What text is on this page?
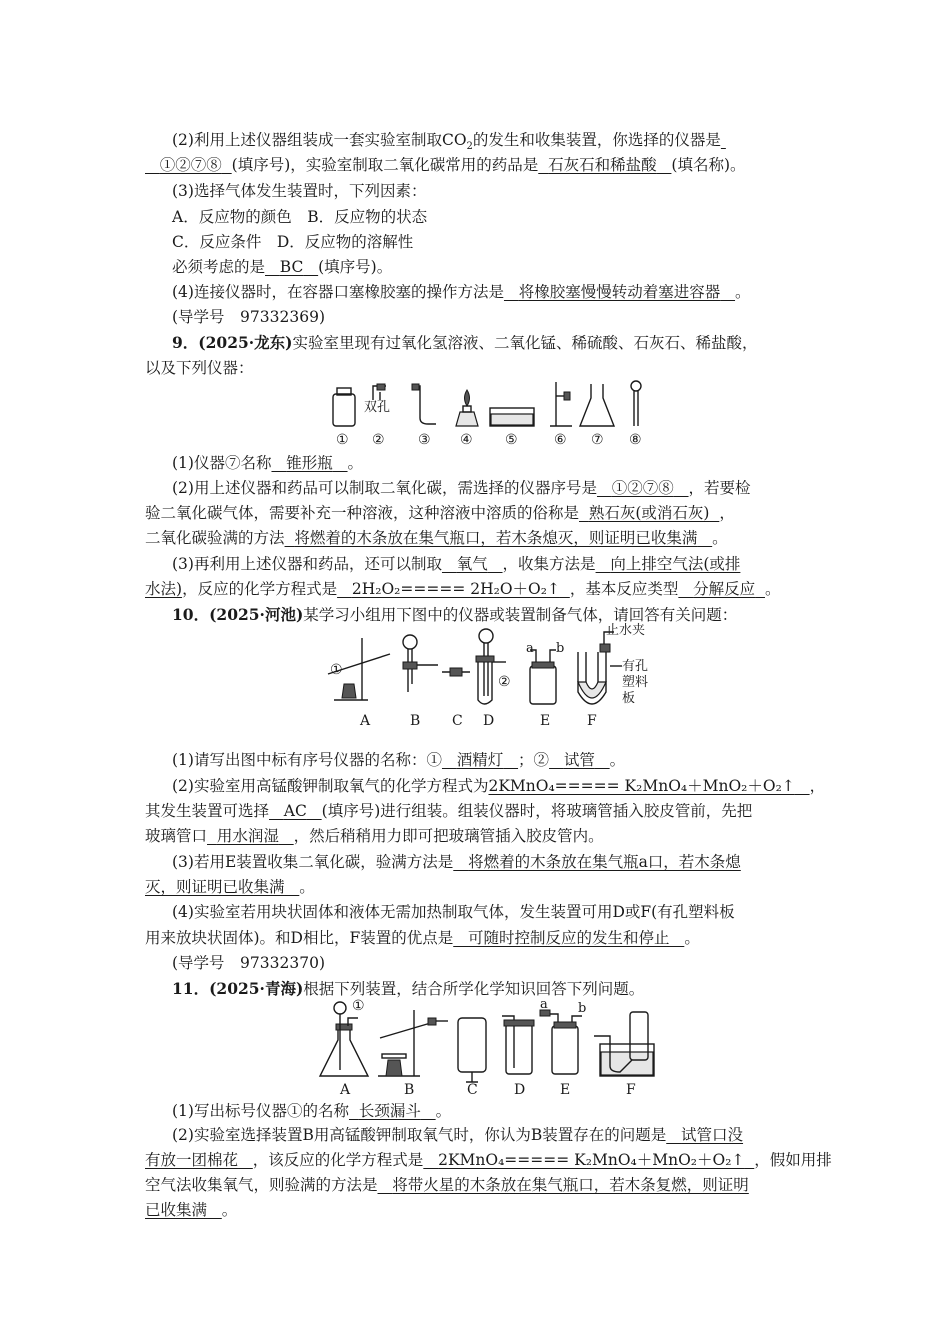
(2)利用上述仪器组装成一套实验室制取$CO_2$的发生和收集装置，你选择的仪器是
①②⑦⑧ (填序号)，实验室制取二氧化碳常用的药品是 石灰石和稀盐酸 (填名称)。
(3)选择气体发生装置时，下列因素：
A．反应物的颜色　B．反应物的状态
C．反应条件　D．反应物的溶解性
必须考虑的是 BC (填序号)。
(4)连接仪器时，在容器口塞橡胶塞的操作方法是 将橡胶塞慢慢转动着塞进容器 。
(导学号　97332369)
9．(2025·龙东)实验室里现有过氧化氢溶液、二氧化锰、稀硫酸、石灰石、稀盐酸，
以及下列仪器：
双孔
① ② ③ ④ ⑤	⑥ ⑦ ⑧
(1)仪器⑦名称 锥形瓶 。
(2)用上述仪器和药品可以制取二氧化碳，需选择的仪器序号是 ①②⑦⑧ ，若要检
验二氧化碳气体，需要补充一种溶液，这种溶液中溶质的俗称是 熟石灰(或消石灰) ，
二氧化碳验满的方法 将燃着的木条放在集气瓶口，若木条熄灭，则证明已收集满 。
(3)再利用上述仪器和药品，还可以制取 氧气 ，收集方法是 向上排空气法(或排
水法)，反应的化学方程式是 2H₂O₂===== 2H₂O＋O₂↑ ，基本反应类型 分解反应 。
10．(2025·河池)某学习小组用下图中的仪器或装置制备气体，请回答有关问题：
①
②
a b
止水夹
有孔
塑料
板
A	B C D	E	F
(1)请写出图中标有序号仪器的名称：① 酒精灯 ；② 试管 。
(2)实验室用高锰酸钾制取氧气的化学方程式为2KMnO₄===== K₂MnO₄＋MnO₂＋O₂↑ ，
其发生装置可选择 AC (填序号)进行组装。组装仪器时，将玻璃管插入胶皮管前，先把
玻璃管口 用水润湿 ，然后稍稍用力即可把玻璃管插入胶皮管内。
(3)若用E装置收集二氧化碳，验满方法是 将燃着的木条放在集气瓶a口，若木条熄
灭，则证明已收集满 。
(4)实验室若用块状固体和液体无需加热制取气体，发生装置可用D或F(有孔塑料板
用来放块状固体)。和D相比，F装置的优点是 可随时控制反应的发生和停止 。
(导学号　97332370)
11．(2025·青海)根据下列装置，结合所学化学知识回答下列问题。
①	a b
A	B	C	D E	F
(1)写出标号仪器①的名称 长颈漏斗 。
(2)实验室选择装置B用高锰酸钾制取氧气时，你认为B装置存在的问题是 试管口没
有放一团棉花 ，该反应的化学方程式是 2KMnO₄===== K₂MnO₄＋MnO₂＋O₂↑ ，假如用排
空气法收集氧气，则验满的方法是 将带火星的木条放在集气瓶口，若木条复燃，则证明
已收集满 。
